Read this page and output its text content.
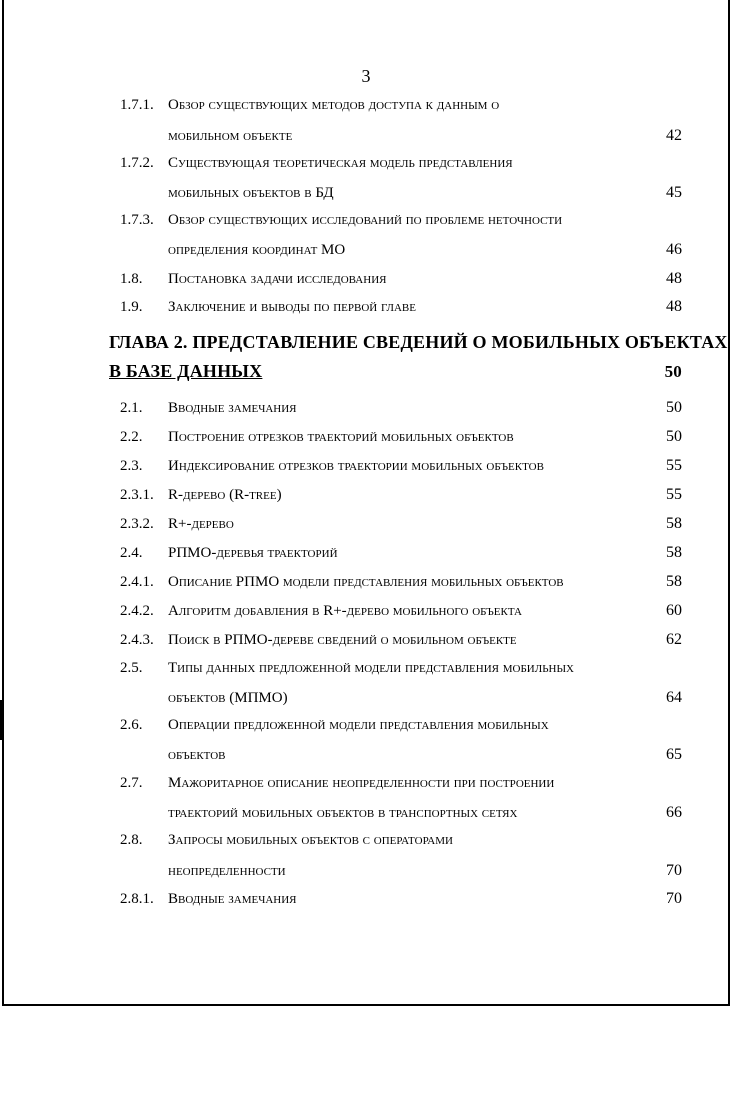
3
1.7.1. Обзор существующих методов доступа к данным о
мобильном объекте	42
1.7.2. Существующая теоретическая модель представления
мобильных объектов в БД	45
1.7.3. Обзор существующих исследований по проблеме неточности
определения координат МО	46
1.8.	Постановка задачи исследования	48
1.9.	Заключение и выводы по первой главе	48
ГЛАВА 2. ПРЕДСТАВЛЕНИЕ СВЕДЕНИЙ О МОБИЛЬНЫХ ОБЪЕКТАХ
В БАЗЕ ДАННЫХ	50
2.1.	Вводные замечания	50
2.2.	Построение отрезков траекторий мобильных объектов	50
2.3.	Индексирование отрезков траектории мобильных объектов	55
2.3.1. R-дерево (R-tree)	55
2.3.2. R+-дерево	58
2.4.	РПМО-деревья траекторий	58
2.4.1. Описание РПМО модели представления мобильных объектов	58
2.4.2. Алгоритм добавления в R+-дерево мобильного объекта	60
2.4.3. Поиск в РПМО-дереве сведений о мобильном объекте	62
2.5.	Типы данных предложенной модели представления мобильных
объектов (МПМО)	64
2.6.	Операции предложенной модели представления мобильных
объектов	65
2.7.	Мажоритарное описание неопределенности при построении
траекторий мобильных объектов в транспортных сетях	66
2.8.	Запросы мобильных объектов с операторами
неопределенности	70
2.8.1. Вводные замечания	70
